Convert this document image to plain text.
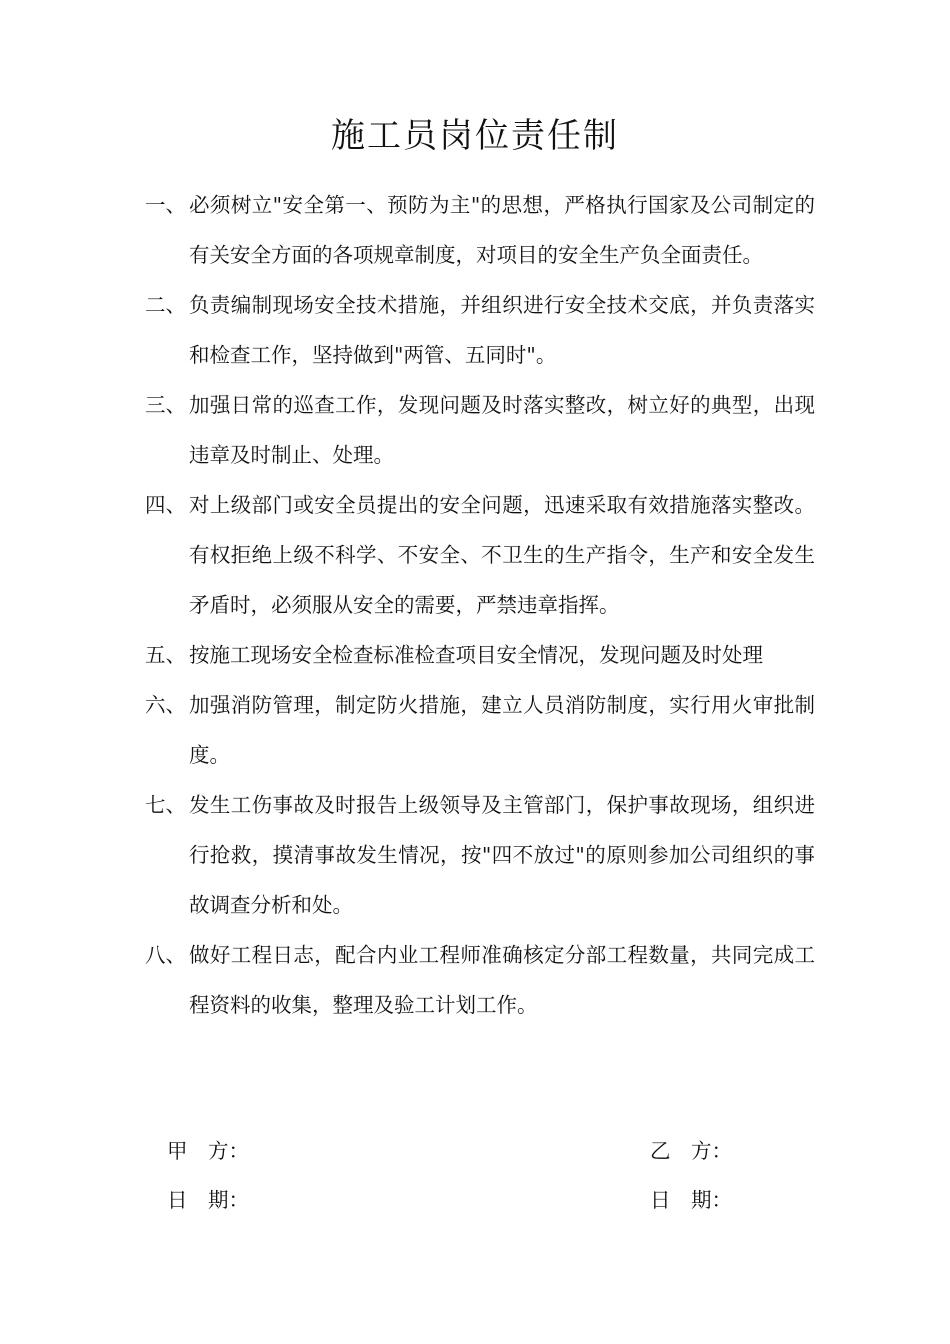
施工员岗位责任制
一、 必须树立"安全第一、预防为主"的思想，严格执行国家及公司制定的有关安全方面的各项规章制度，对项目的安全生产负全面责任。
二、 负责编制现场安全技术措施，并组织进行安全技术交底，并负责落实和检查工作，坚持做到"两管、五同时"。
三、 加强日常的巡查工作，发现问题及时落实整改，树立好的典型，出现违章及时制止、处理。
四、 对上级部门或安全员提出的安全问题，迅速采取有效措施落实整改。有权拒绝上级不科学、不安全、不卫生的生产指令，生产和安全发生矛盾时，必须服从安全的需要，严禁违章指挥。
五、 按施工现场安全检查标准检查项目安全情况，发现问题及时处理
六、 加强消防管理，制定防火措施，建立人员消防制度，实行用火审批制度。
七、 发生工伤事故及时报告上级领导及主管部门，保护事故现场，组织进行抢救，摸清事故发生情况，按"四不放过"的原则参加公司组织的事故调查分析和处。
八、 做好工程日志，配合内业工程师准确核定分部工程数量，共同完成工程资料的收集，整理及验工计划工作。
甲　方：	乙　方：
日　期：	日　期：
